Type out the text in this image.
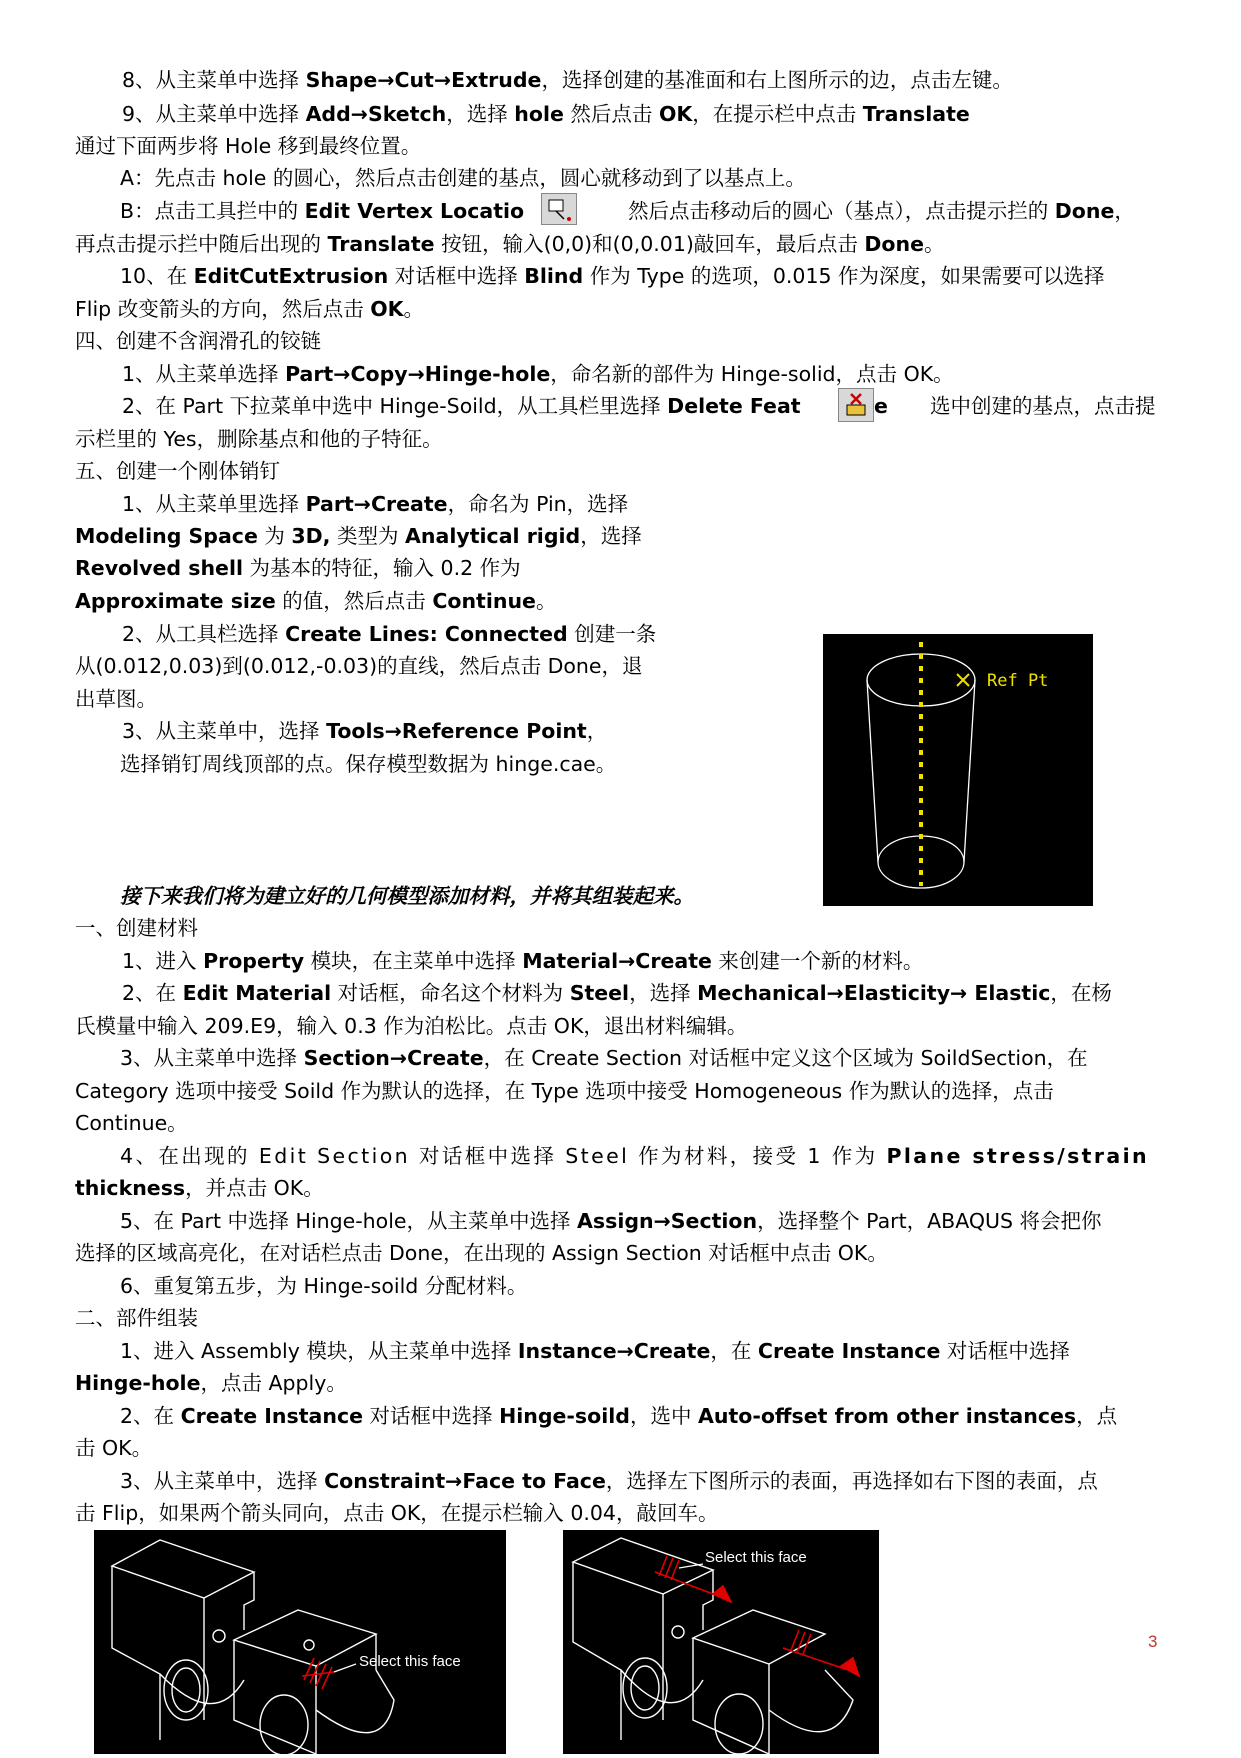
8、从主菜单中选择 Shape→Cut→Extrude，选择创建的基准面和右上图所示的边，点击左键。
9、从主菜单中选择 Add→Sketch，选择 hole 然后点击 OK，在提示栏中点击 Translate
通过下面两步将 Hole 移到最终位置。
A：先点击 hole 的圆心，然后点击创建的基点，圆心就移动到了以基点上。
B：点击工具拦中的 Edit Vertex Locatio	然后点击移动后的圆心（基点），点击提示拦的 Done，
再点击提示拦中随后出现的 Translate 按钮，输入(0,0)和(0,0.01)敲回车，最后点击 Done。
10、在 EditCutExtrusion 对话框中选择 Blind 作为 Type 的选项，0.015 作为深度，如果需要可以选择
Flip 改变箭头的方向，然后点击 OK。
四、创建不含润滑孔的铰链
1、从主菜单选择 Part→Copy→Hinge-hole，命名新的部件为 Hinge-solid，点击 OK。
2、在 Part 下拉菜单中选中 Hinge-Soild，从工具栏里选择 Delete Feat	e 选中创建的基点，点击提
示栏里的 Yes，删除基点和他的子特征。
五、创建一个刚体销钉
1、从主菜单里选择 Part→Create，命名为 Pin，选择
Modeling Space 为 3D, 类型为 Analytical rigid，选择
Revolved shell 为基本的特征，输入 0.2 作为
Approximate size 的值，然后点击 Continue。
2、从工具栏选择 Create Lines: Connected 创建一条
从(0.012,0.03)到(0.012,-0.03)的直线，然后点击 Done，退
出草图。
3、从主菜单中，选择 Tools→Reference Point，
选择销钉周线顶部的点。保存模型数据为 hinge.cae。
Ref Pt
接下来我们将为建立好的几何模型添加材料，并将其组装起来。
一、创建材料
1、进入 Property 模块，在主菜单中选择 Material→Create 来创建一个新的材料。
2、在 Edit Material 对话框，命名这个材料为 Steel，选择 Mechanical→Elasticity→ Elastic，在杨
氏模量中输入 209.E9，输入 0.3 作为泊松比。点击 OK，退出材料编辑。
3、从主菜单中选择 Section→Create，在 Create Section 对话框中定义这个区域为 SoildSection，在
Category 选项中接受 Soild 作为默认的选择，在 Type 选项中接受 Homogeneous 作为默认的选择，点击
Continue。
4、在出现的 Edit Section 对话框中选择 Steel 作为材料，接受 1 作为 Plane stress/strain
thickness，并点击 OK。
5、在 Part 中选择 Hinge-hole，从主菜单中选择 Assign→Section，选择整个 Part，ABAQUS 将会把你
选择的区域高亮化，在对话栏点击 Done，在出现的 Assign Section 对话框中点击 OK。
6、重复第五步，为 Hinge-soild 分配材料。
二、部件组装
1、进入 Assembly 模块，从主菜单中选择 Instance→Create，在 Create Instance 对话框中选择
Hinge-hole，点击 Apply。
2、在 Create Instance 对话框中选择 Hinge-soild，选中 Auto-offset from other instances，点
击 OK。
3、从主菜单中，选择 Constraint→Face to Face，选择左下图所示的表面，再选择如右下图的表面，点
击 Flip，如果两个箭头同向，点击 OK，在提示栏输入 0.04，敲回车。
Select this face
Select this face
3
